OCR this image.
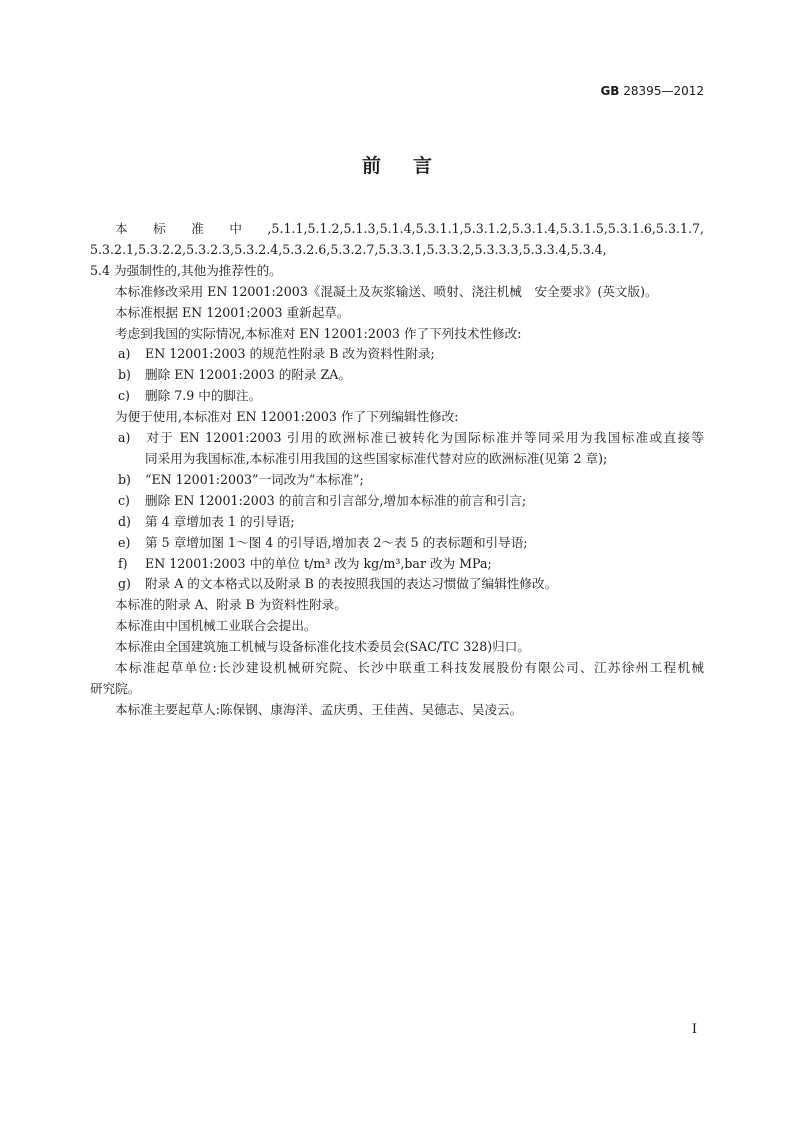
GB 28395—2012
前言

本标准中,5.1.1,5.1.2,5.1.3,5.1.4,5.3.1.1,5.3.1.2,5.3.1.4,5.3.1.5,5.3.1.6,5.3.1.7,

5.3.2.1,5.3.2.2,5.3.2.3,5.3.2.4,5.3.2.6,5.3.2.7,5.3.3.1,5.3.3.2,5.3.3.3,5.3.3.4,5.3.4,

5.4 为强制性的,其他为推荐性的。

本标准修改采用 EN 12001:2003《混凝土及灰浆输送、喷射、浇注机械　安全要求》(英文版)。

本标准根据 EN 12001:2003 重新起草。

考虑到我国的实际情况,本标准对 EN 12001:2003 作了下列技术性修改:

a) EN 12001:2003 的规范性附录 B 改为资料性附录;

b) 删除 EN 12001:2003 的附录 ZA。

c) 删除 7.9 中的脚注。

为便于使用,本标准对 EN 12001:2003 作了下列编辑性修改:

a) 对于 EN 12001:2003 引用的欧洲标准已被转化为国际标准并等同采用为我国标准或直接等

同采用为我国标准,本标准引用我国的这些国家标准代替对应的欧洲标准(见第 2 章);

b) “EN 12001:2003”一词改为“本标准”;

c) 删除 EN 12001:2003 的前言和引言部分,增加本标准的前言和引言;

d) 第 4 章增加表 1 的引导语;

e) 第 5 章增加图 1～图 4 的引导语,增加表 2～表 5 的表标题和引导语;

f) EN 12001:2003 中的单位 t/m³ 改为 kg/m³,bar 改为 MPa;

g) 附录 A 的文本格式以及附录 B 的表按照我国的表达习惯做了编辑性修改。

本标准的附录 A、附录 B 为资料性附录。

本标准由中国机械工业联合会提出。

本标准由全国建筑施工机械与设备标准化技术委员会(SAC/TC 328)归口。

本标准起草单位:长沙建设机械研究院、长沙中联重工科技发展股份有限公司、江苏徐州工程机械

研究院。

本标准主要起草人:陈保钢、康海洋、孟庆勇、王佳茜、吴德志、吴凌云。

I
